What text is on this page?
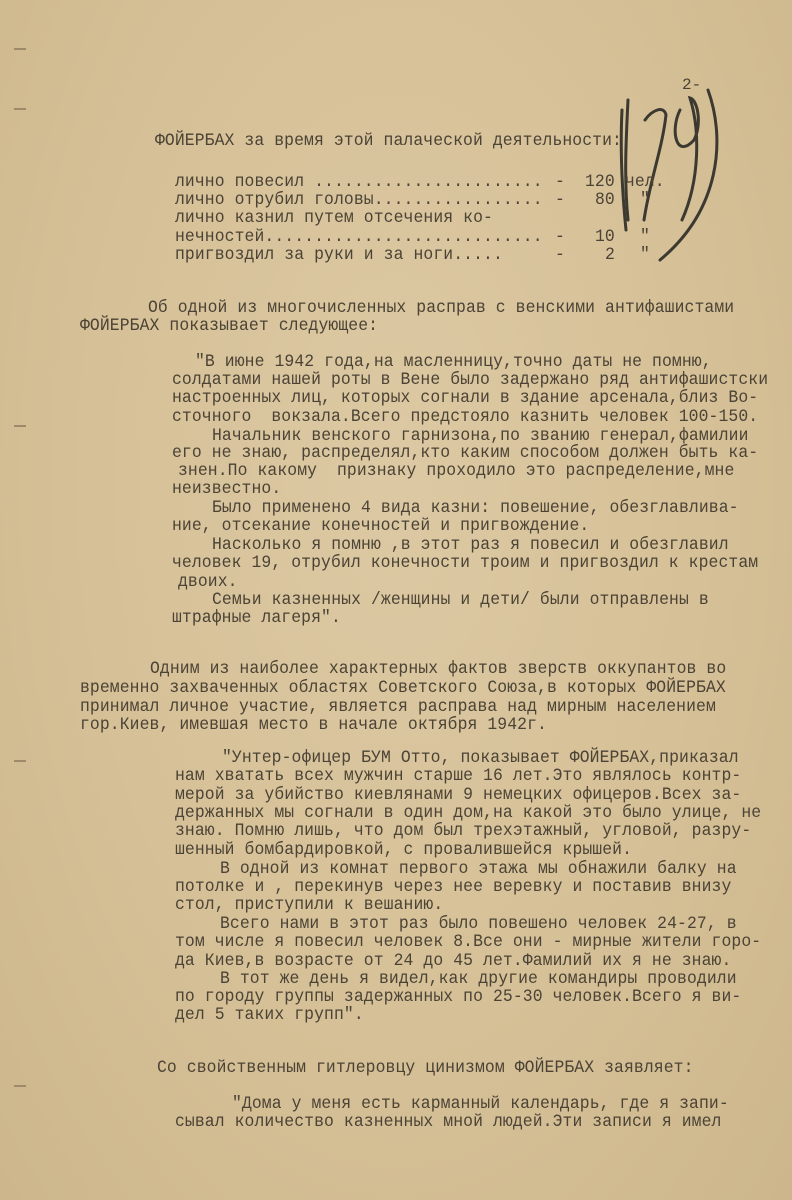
2-
ФОЙЕРБАХ за время этой палаческой деятельности:
лично повесил ....................... - 120 чел.
лично отрубил головы................. - 80 "
лично казнил путем отсечения ко-
нечностей............................ - 10 "
пригвоздил за руки и за ноги.....	- 2 "
Об одной из многочисленных расправ с венскими антифашистами
ФОЙЕРБАХ показывает следующее:
"В июне 1942 года,на масленницу,точно даты не помню,
солдатами нашей роты в Вене было задержано ряд антифашистски
настроенных лиц, которых согнали в здание арсенала,близ Во-
сточного  вокзала.Всего предстояло казнить человек 100-150.
Начальник венского гарнизона,по званию генерал,фамилии
его не знаю, распределял,кто каким способом должен быть ка-
знен.По какому  признаку проходило это распределение,мне
неизвестно.
Было применено 4 вида казни: повешение, обезглавлива-
ние, отсекание конечностей и пригвождение.
Насколько я помню ,в этот раз я повесил и обезглавил
человек 19, отрубил конечности троим и пригвоздил к крестам
двоих.
Семьи казненных /женщины и дети/ были отправлены в
штрафные лагеря".
Одним из наиболее характерных фактов зверств оккупантов во
временно захваченных областях Советского Союза,в которых ФОЙЕРБАХ
принимал личное участие, является расправа над мирным населением
гор.Киев, имевшая место в начале октября 1942г.
"Унтер-офицер БУМ Отто, показывает ФОЙЕРБАХ,приказал
нам хватать всех мужчин старше 16 лет.Это являлось контр-
мерой за убийство киевлянами 9 немецких офицеров.Всех за-
держанных мы согнали в один дом,на какой это было улице, не
знаю. Помню лишь, что дом был трехэтажный, угловой, разру-
шенный бомбардировкой, с провалившейся крышей.
В одной из комнат первого этажа мы обнажили балку на
потолке и , перекинув через нее веревку и поставив внизу
стол, приступили к вешанию.
Всего нами в этот раз было повешено человек 24-27, в
том числе я повесил человек 8.Все они - мирные жители горо-
да Киев,в возрасте от 24 до 45 лет.Фамилий их я не знаю.
В тот же день я видел,как другие командиры проводили
по городу группы задержанных по 25-30 человек.Всего я ви-
дел 5 таких групп".
Со свойственным гитлеровцу цинизмом ФОЙЕРБАХ заявляет:
"Дома у меня есть карманный календарь, где я запи-
сывал количество казненных мной людей.Эти записи я имел
